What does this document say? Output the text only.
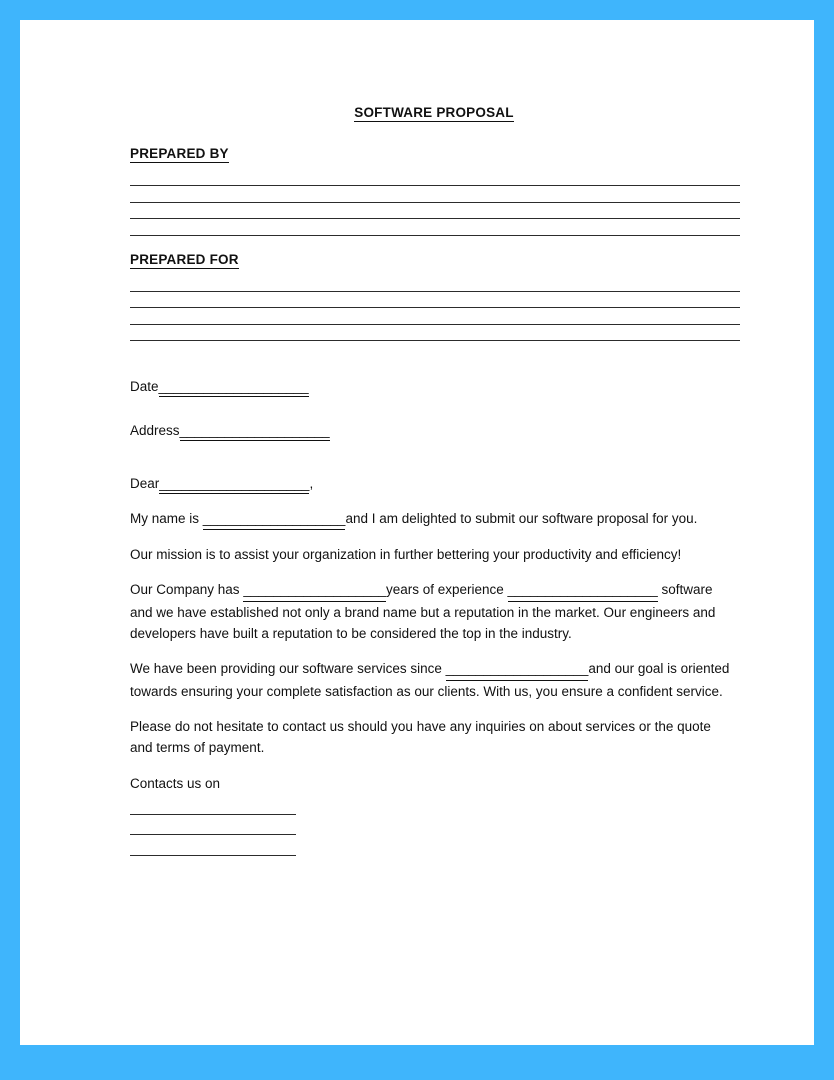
SOFTWARE PROPOSAL
PREPARED BY
PREPARED FOR
Date____________________
Address____________________
Dear____________________,
My name is ___________________and I am delighted to submit our software proposal for you.
Our mission is to assist your organization in further bettering your productivity and efficiency!
Our Company has ___________________years of experience ____________________ software and we have established not only a brand name but a reputation in the market. Our engineers and developers have built a reputation to be considered the top in the industry.
We have been providing our software services since ___________________and our goal is oriented towards ensuring your complete satisfaction as our clients. With us, you ensure a confident service.
Please do not hesitate to contact us should you have any inquiries on about services or the quote and terms of payment.
Contacts us on
